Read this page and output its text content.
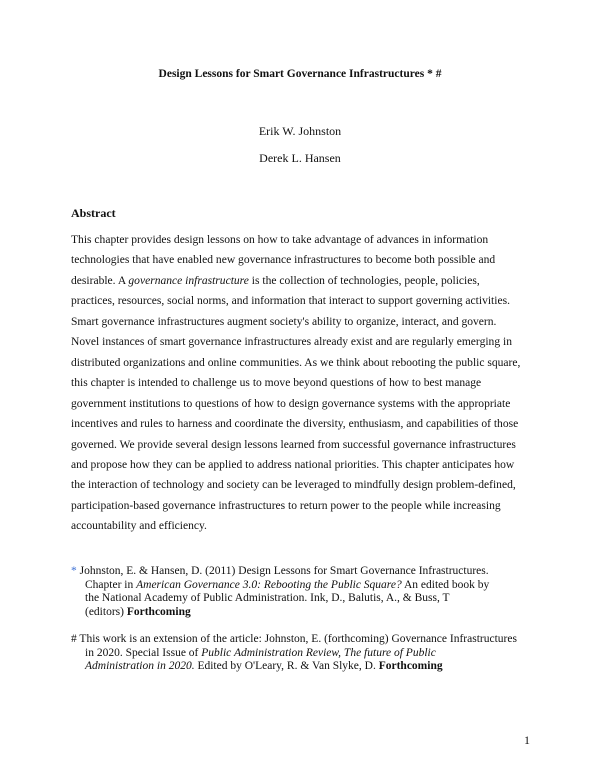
Design Lessons for Smart Governance Infrastructures * #
Erik W. Johnston
Derek L. Hansen
Abstract
This chapter provides design lessons on how to take advantage of advances in information
technologies that have enabled new governance infrastructures to become both possible and
desirable. A governance infrastructure is the collection of technologies, people, policies,
practices, resources, social norms, and information that interact to support governing activities.
Smart governance infrastructures augment society's ability to organize, interact, and govern.
Novel instances of smart governance infrastructures already exist and are regularly emerging in
distributed organizations and online communities. As we think about rebooting the public square,
this chapter is intended to challenge us to move beyond questions of how to best manage
government institutions to questions of how to design governance systems with the appropriate
incentives and rules to harness and coordinate the diversity, enthusiasm, and capabilities of those
governed. We provide several design lessons learned from successful governance infrastructures
and propose how they can be applied to address national priorities. This chapter anticipates how
the interaction of technology and society can be leveraged to mindfully design problem-defined,
participation-based governance infrastructures to return power to the people while increasing
accountability and efficiency.
* Johnston, E. & Hansen, D. (2011) Design Lessons for Smart Governance Infrastructures.
Chapter in American Governance 3.0: Rebooting the Public Square? An edited book by
the National Academy of Public Administration. Ink, D., Balutis, A., & Buss, T
(editors) Forthcoming
# This work is an extension of the article: Johnston, E. (forthcoming) Governance Infrastructures
in 2020. Special Issue of Public Administration Review, The future of Public
Administration in 2020. Edited by O'Leary, R. & Van Slyke, D. Forthcoming
1
